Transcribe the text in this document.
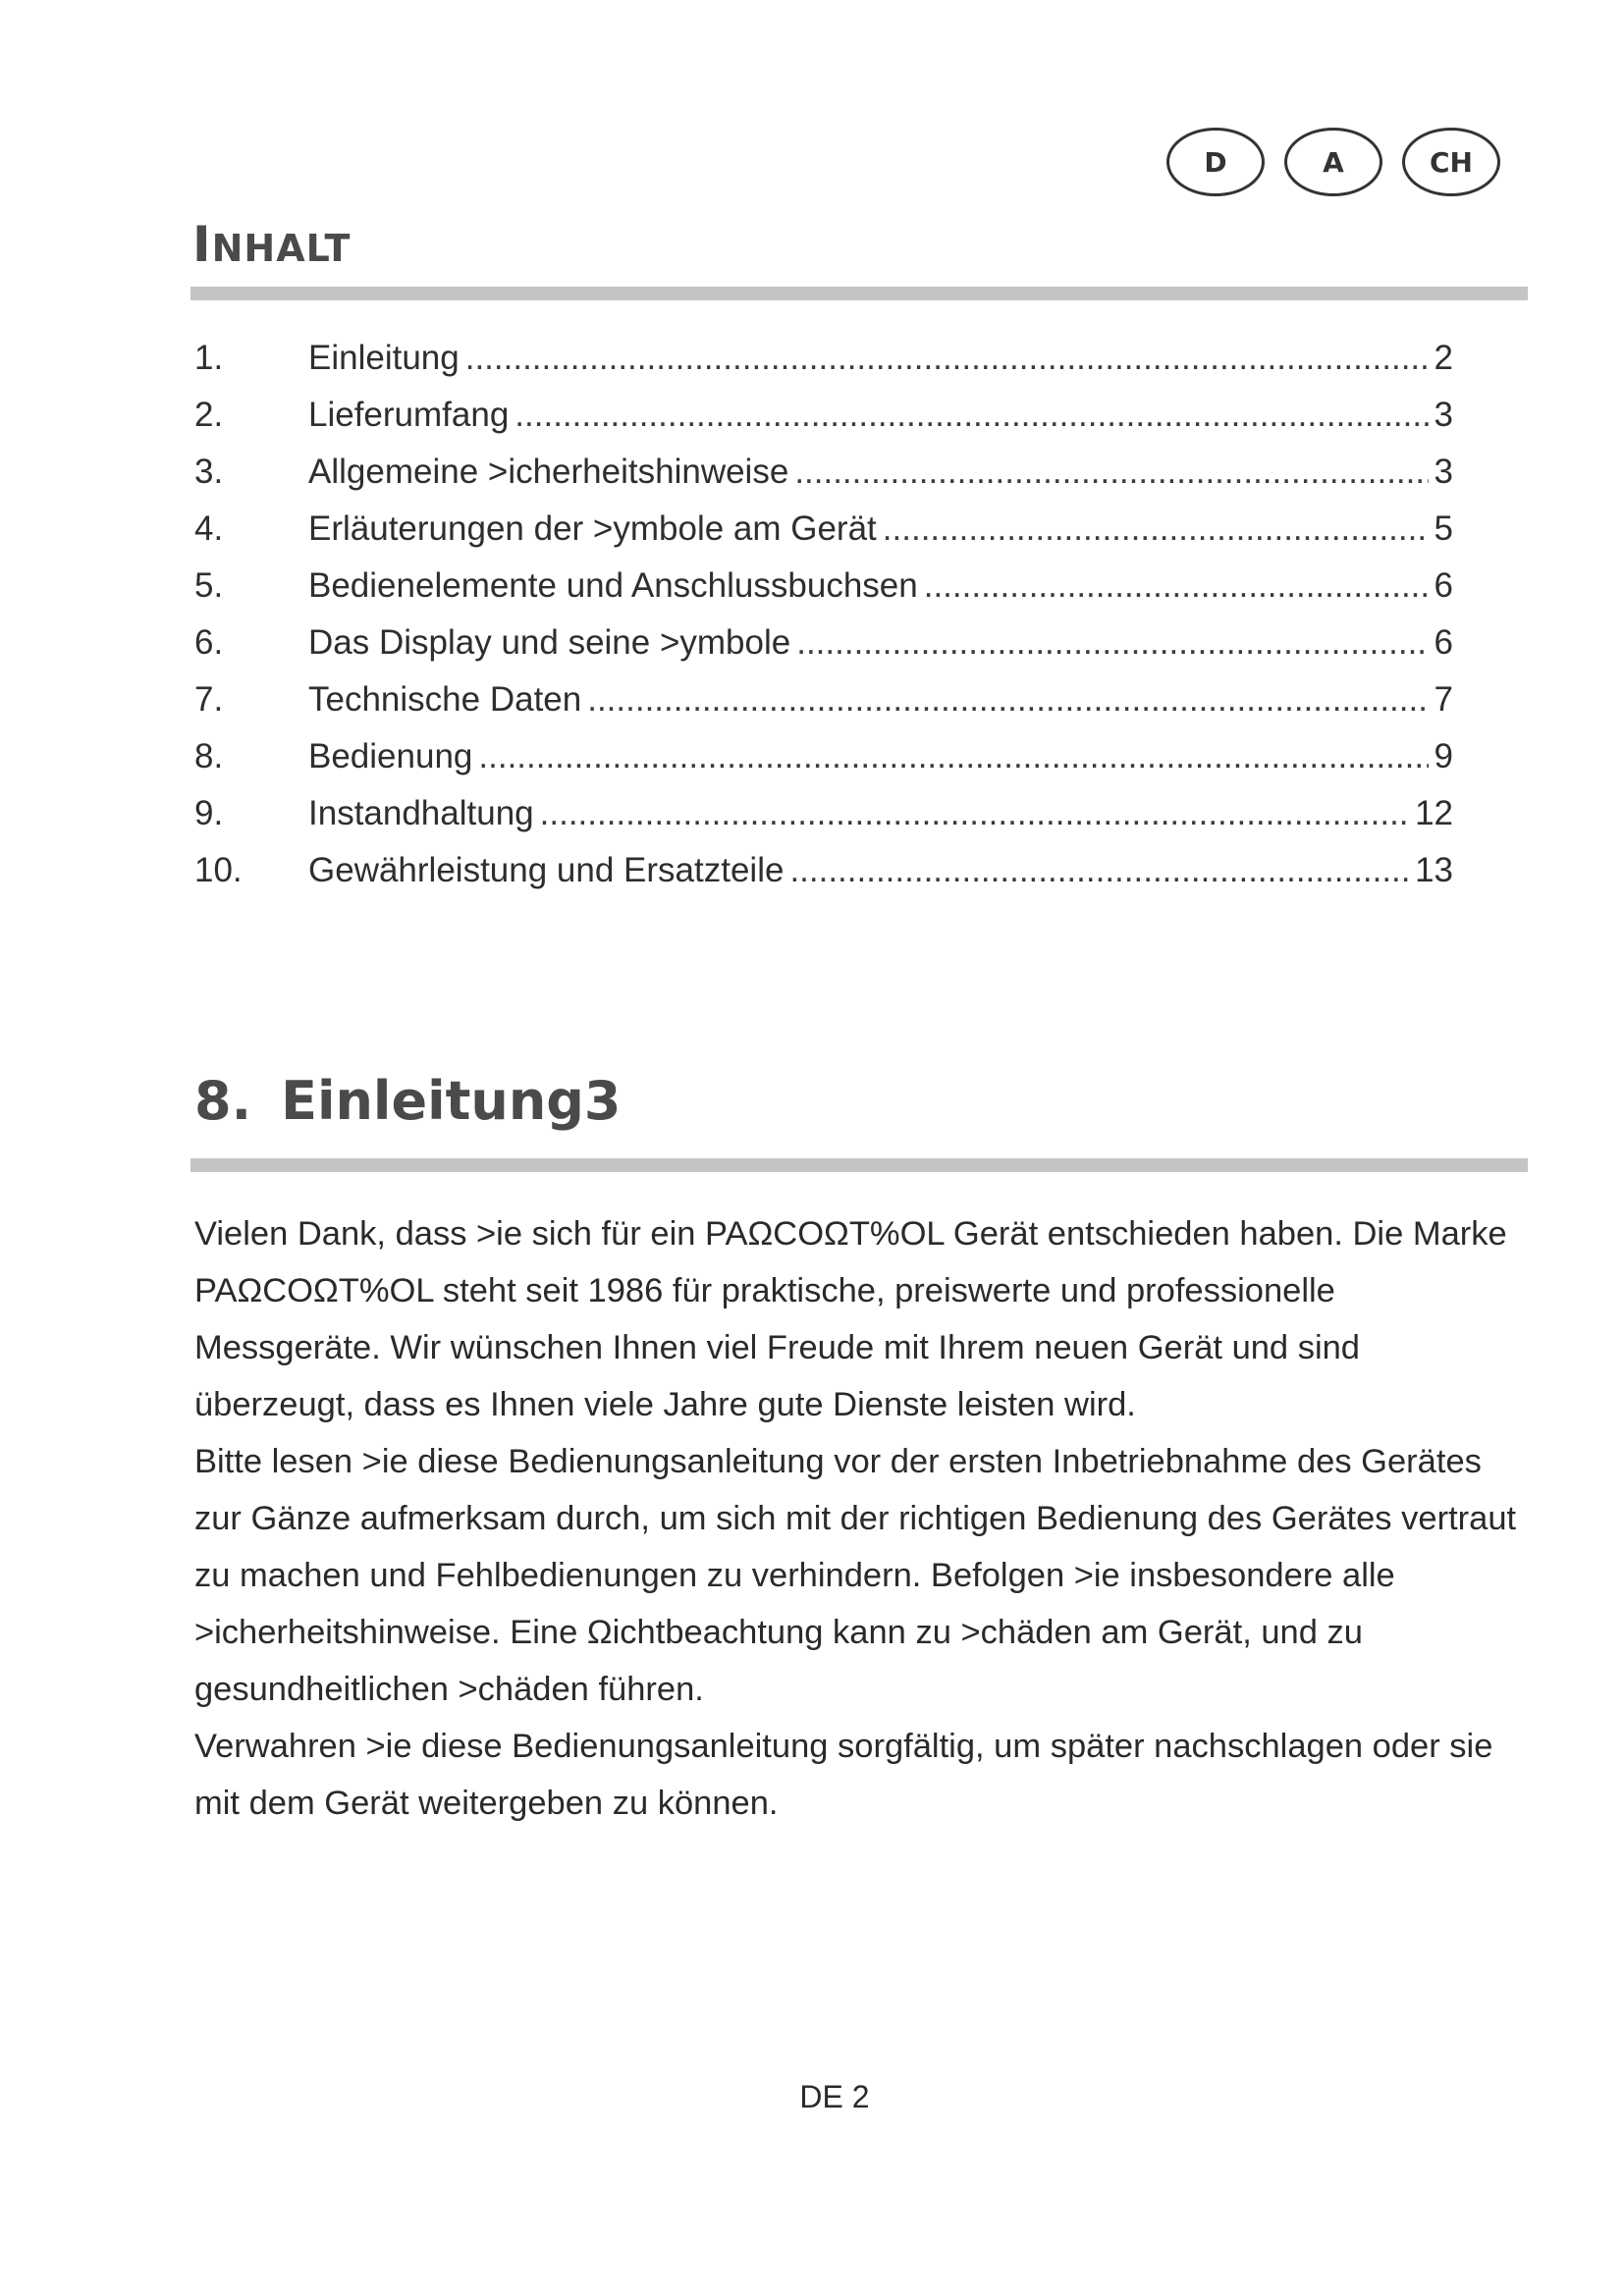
D	A	CH
INHALT
1.	Einleitung .....	2
2.	Lieferumfang .....	3
3.	Allgemeine >icherheitshinweise .....	3
4.	Erläuterungen der >ymbole am Gerät .....	5
5.	Bedienelemente und Anschlussbuchsen .....	6
6.	Das Display und seine >ymbole .....	6
7.	Technische Daten .....	7
8.	Bedienung .....	9
9.	Instandhaltung .....	12
10.	Gewährleistung und Ersatzteile .....	13
8. Einleitung3

Vielen Dank, dass >ie sich für ein PAΩCOΩT%OL Gerät entschieden haben. Die Marke PAΩCOΩT%OL steht seit 1986 für praktische, preiswerte und professionelle Messgeräte. Wir wünschen Ihnen viel Freude mit Ihrem neuen Gerät und sind überzeugt, dass es Ihnen viele Jahre gute Dienste leisten wird.

Bitte lesen >ie diese Bedienungsanleitung vor der ersten Inbetriebnahme des Gerätes zur Gänze aufmerksam durch, um sich mit der richtigen Bedienung des Gerätes vertraut zu machen und Fehlbedienungen zu verhindern. Befolgen >ie insbesondere alle >icherheitshinweise. Eine Ωichtbeachtung kann zu >chäden am Gerät, und zu gesundheitlichen >chäden führen.

Verwahren >ie diese Bedienungsanleitung sorgfältig, um später nachschlagen oder sie mit dem Gerät weitergeben zu können.

DE 2
